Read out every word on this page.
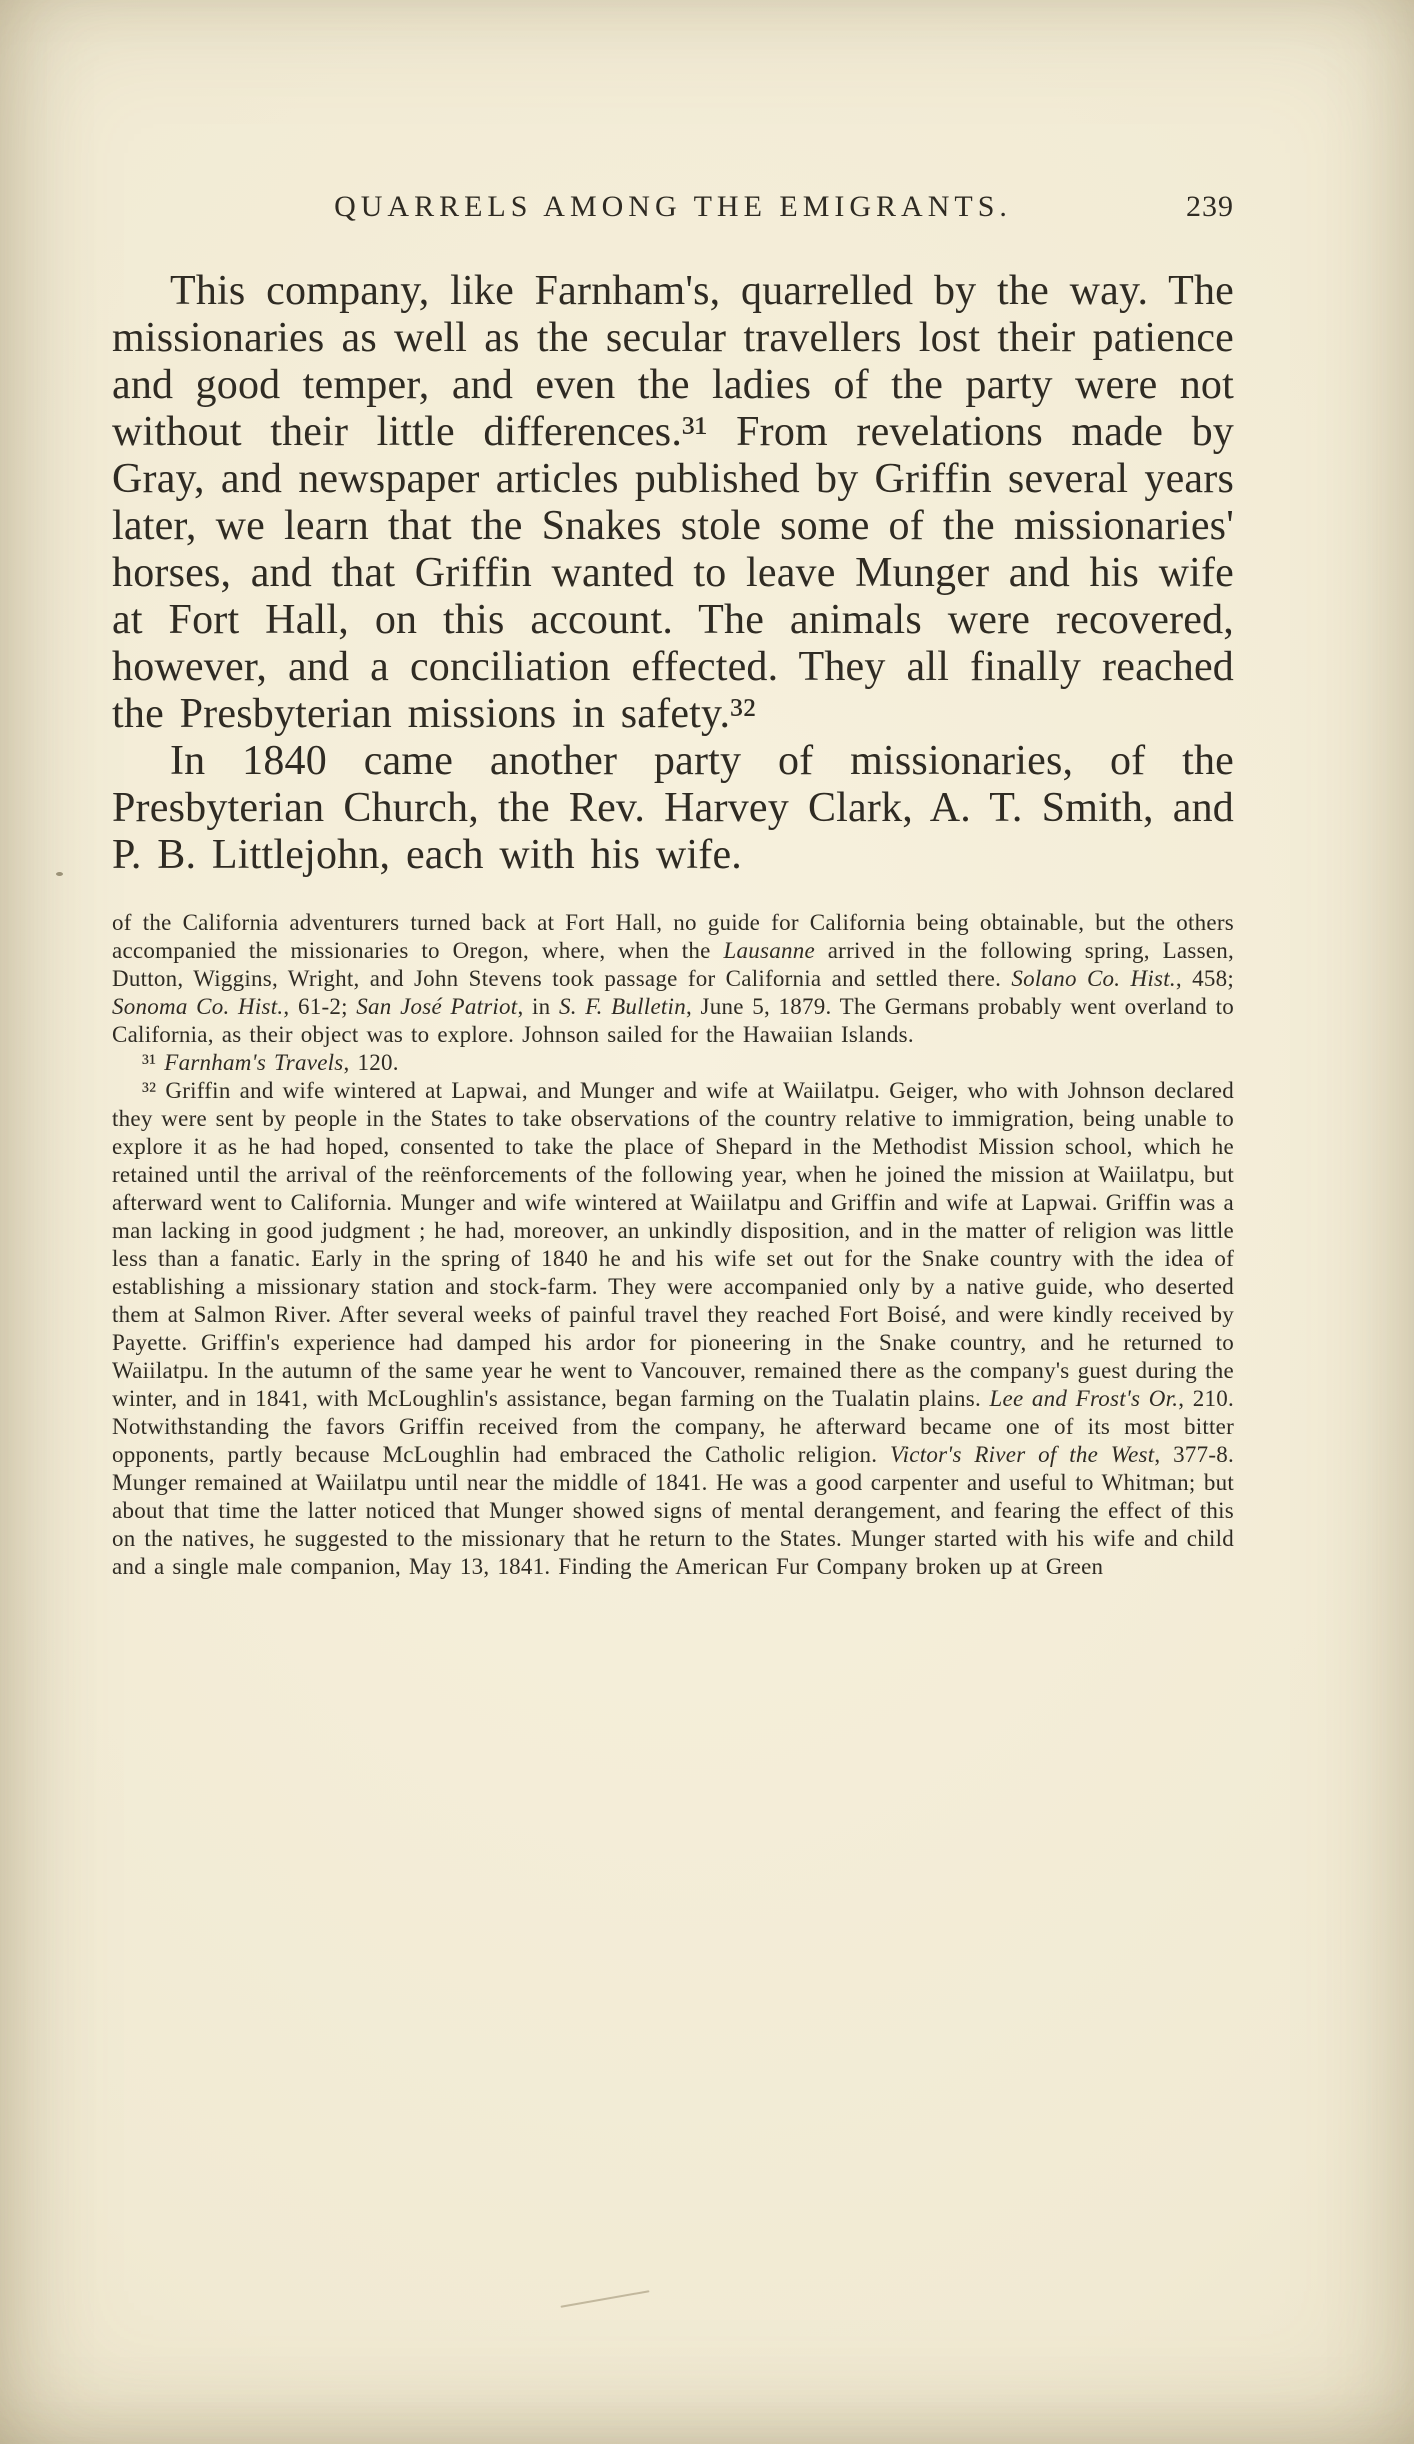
QUARRELS AMONG THE EMIGRANTS.	239

This company, like Farnham's, quarrelled by the way. The missionaries as well as the secular travellers lost their patience and good temper, and even the ladies of the party were not without their little differences.³¹ From revelations made by Gray, and newspaper articles published by Griffin several years later, we learn that the Snakes stole some of the missionaries' horses, and that Griffin wanted to leave Munger and his wife at Fort Hall, on this account. The animals were recovered, however, and a conciliation effected. They all finally reached the Presbyterian missions in safety.³²

In 1840 came another party of missionaries, of the Presbyterian Church, the Rev. Harvey Clark, A. T. Smith, and P. B. Littlejohn, each with his wife.

of the California adventurers turned back at Fort Hall, no guide for California being obtainable, but the others accompanied the missionaries to Oregon, where, when the Lausanne arrived in the following spring, Lassen, Dutton, Wiggins, Wright, and John Stevens took passage for California and settled there. Solano Co. Hist., 458; Sonoma Co. Hist., 61-2; San José Patriot, in S. F. Bulletin, June 5, 1879. The Germans probably went overland to California, as their object was to explore. Johnson sailed for the Hawaiian Islands.

³¹ Farnham's Travels, 120.

³² Griffin and wife wintered at Lapwai, and Munger and wife at Waiilatpu. Geiger, who with Johnson declared they were sent by people in the States to take observations of the country relative to immigration, being unable to explore it as he had hoped, consented to take the place of Shepard in the Methodist Mission school, which he retained until the arrival of the reënforcements of the following year, when he joined the mission at Waiilatpu, but afterward went to California. Munger and wife wintered at Waiilatpu and Griffin and wife at Lapwai. Griffin was a man lacking in good judgment ; he had, moreover, an unkindly disposition, and in the matter of religion was little less than a fanatic. Early in the spring of 1840 he and his wife set out for the Snake country with the idea of establishing a missionary station and stock-farm. They were accompanied only by a native guide, who deserted them at Salmon River. After several weeks of painful travel they reached Fort Boisé, and were kindly received by Payette. Griffin's experience had damped his ardor for pioneering in the Snake country, and he returned to Waiilatpu. In the autumn of the same year he went to Vancouver, remained there as the company's guest during the winter, and in 1841, with McLoughlin's assistance, began farming on the Tualatin plains. Lee and Frost's Or., 210. Notwithstanding the favors Griffin received from the company, he afterward became one of its most bitter opponents, partly because McLoughlin had embraced the Catholic religion. Victor's River of the West, 377-8. Munger remained at Waiilatpu until near the middle of 1841. He was a good carpenter and useful to Whitman; but about that time the latter noticed that Munger showed signs of mental derangement, and fearing the effect of this on the natives, he suggested to the missionary that he return to the States. Munger started with his wife and child and a single male companion, May 13, 1841. Finding the American Fur Company broken up at Green
